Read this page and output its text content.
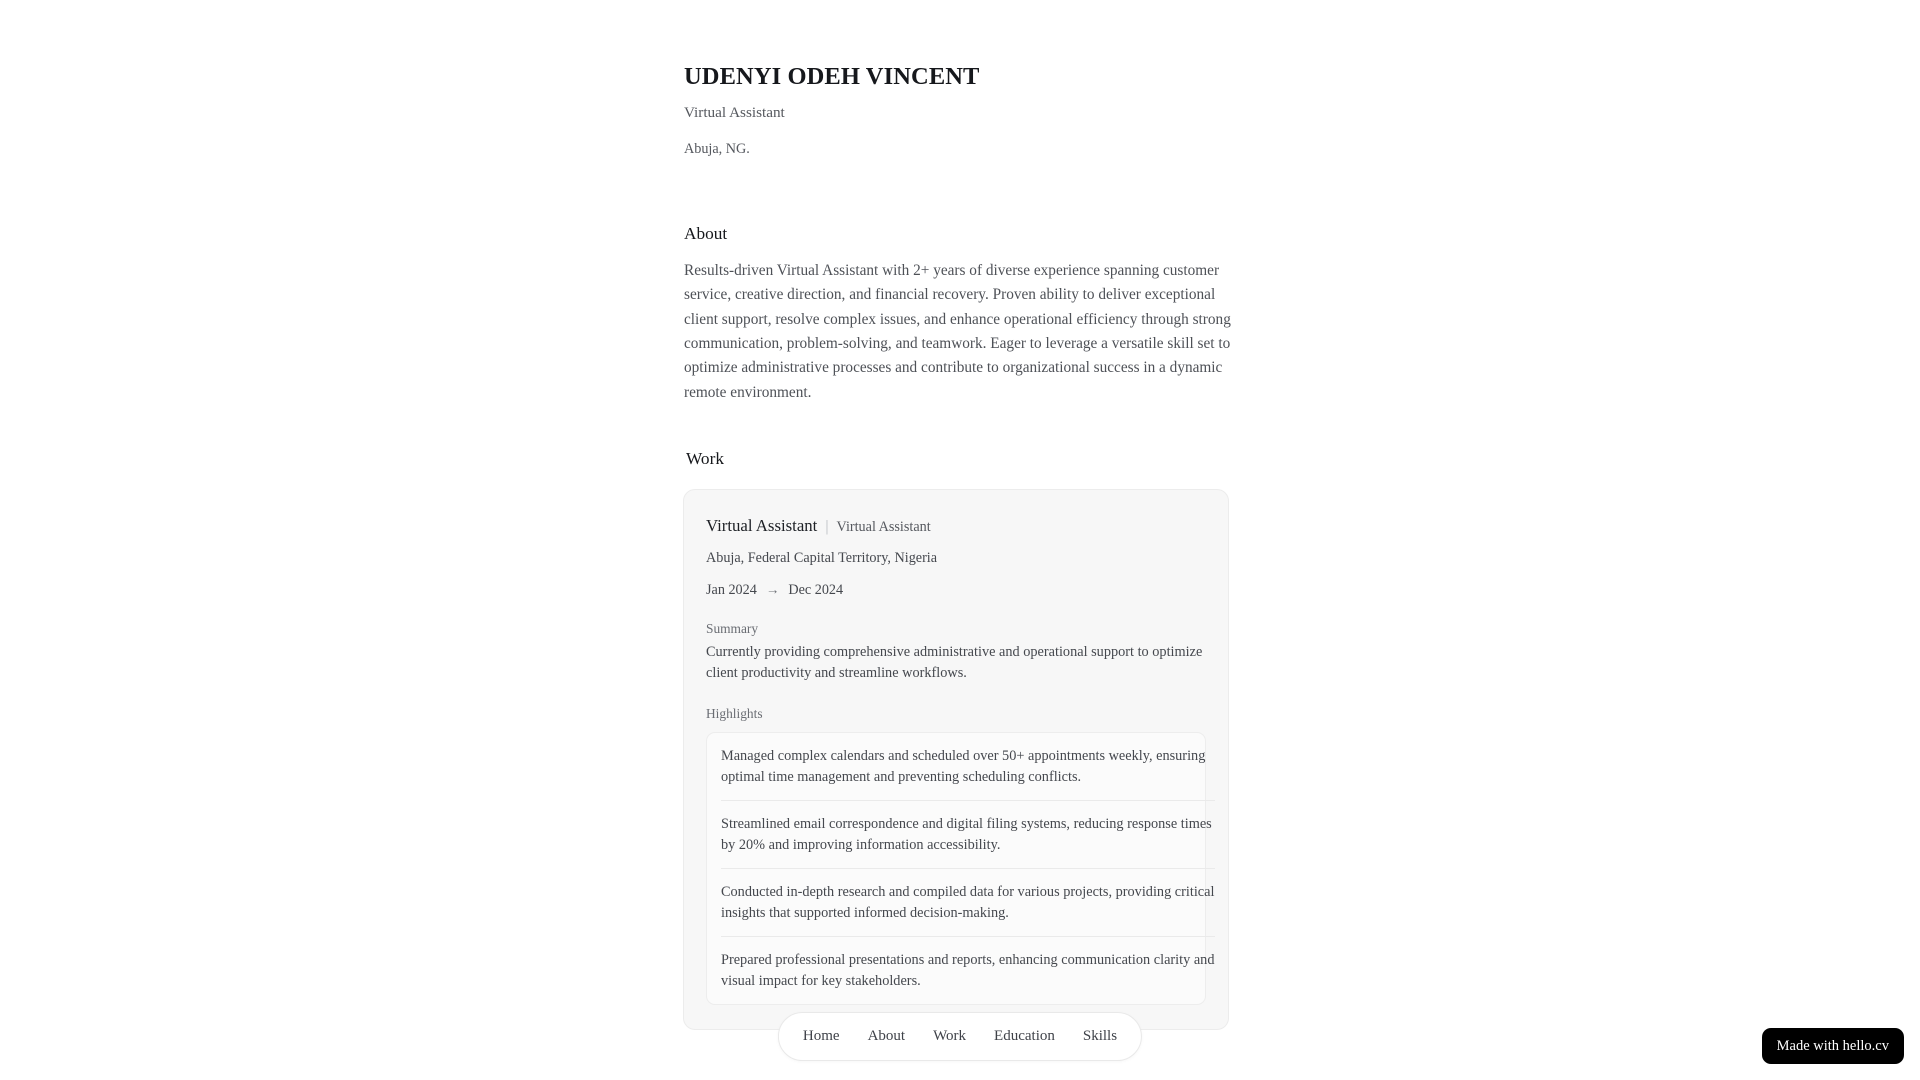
UDENYI ODEH VINCENT
Virtual Assistant
Abuja, NG.
About

Results-driven Virtual Assistant with 2+ years of diverse experience spanning customer service, creative direction, and financial recovery. Proven ability to deliver exceptional client support, resolve complex issues, and enhance operational efficiency through strong communication, problem-solving, and teamwork. Eager to leverage a versatile skill set to optimize administrative processes and contribute to organizational success in a dynamic remote environment.

Work
Virtual Assistant | Virtual Assistant
Abuja, Federal Capital Territory, Nigeria
Jan 2024 → Dec 2024
Summary

Currently providing comprehensive administrative and operational support to optimize client productivity and streamline workflows.

Highlights
Managed complex calendars and scheduled over 50+ appointments weekly, ensuring optimal time management and preventing scheduling conflicts.
Streamlined email correspondence and digital filing systems, reducing response times by 20% and improving information accessibility.
Conducted in-depth research and compiled data for various projects, providing critical insights that supported informed decision-making.
Prepared professional presentations and reports, enhancing communication clarity and visual impact for key stakeholders.
Home	About	Work	Education	Skills
Made with hello.cv
